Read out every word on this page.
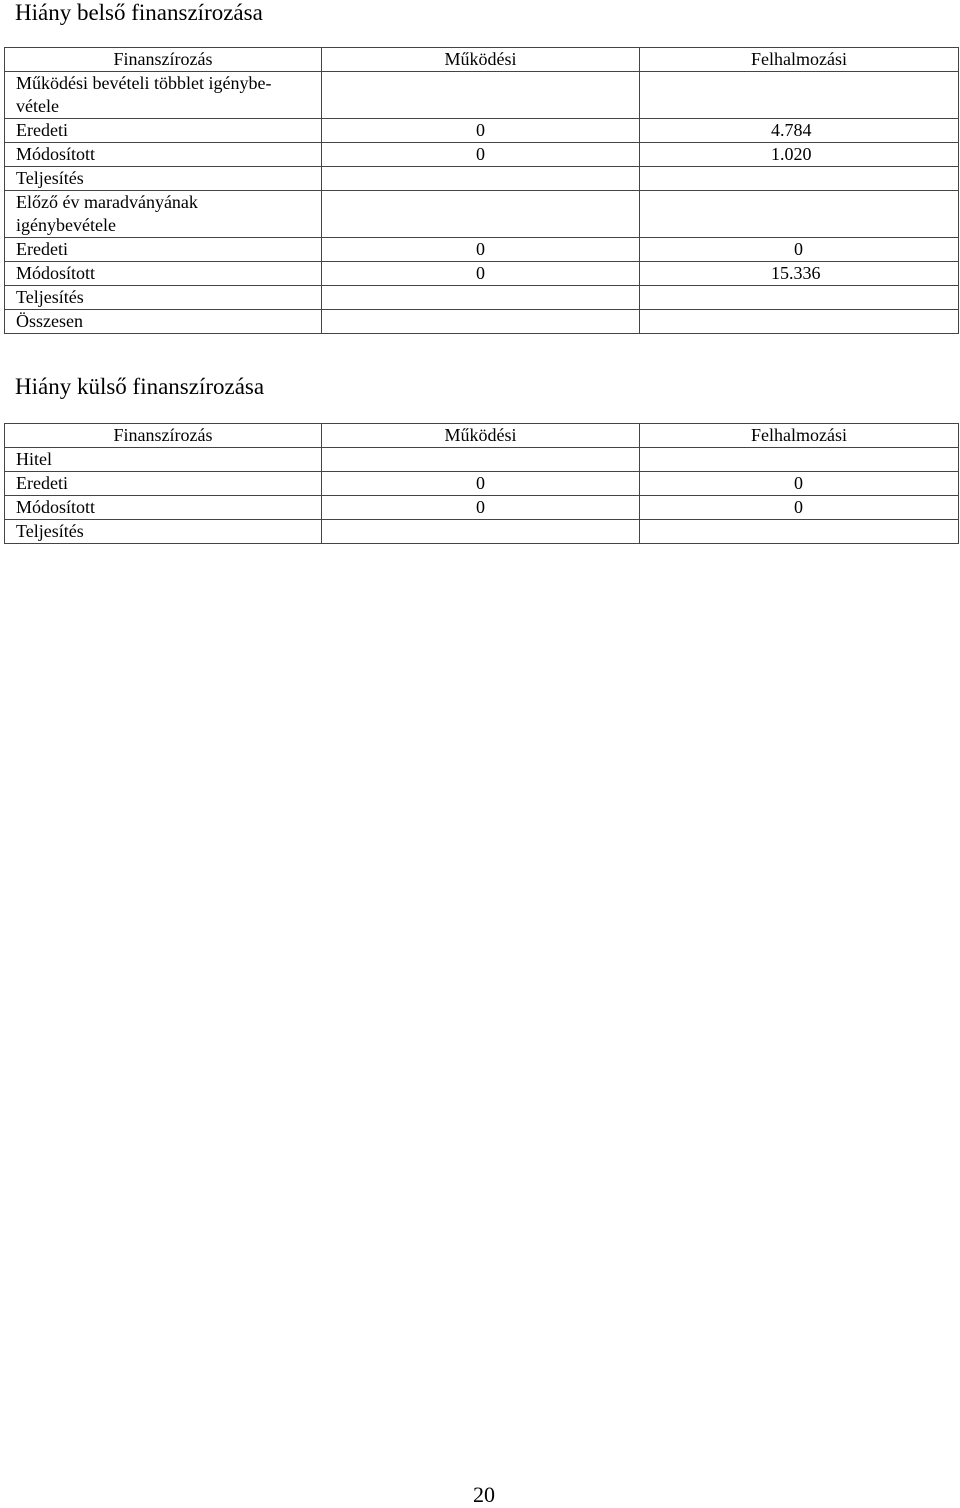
Hiány belső finanszírozása
Finanszírozás	Működési	Felhalmozási
Működési bevételi többlet igénybe-
vétele		
Eredeti	0	4.784
Módosított	0	1.020
Teljesítés		
Előző év maradványának
igénybevétele		
Eredeti	0	0
Módosított	0	15.336
Teljesítés		
Összesen		
Hiány külső finanszírozása
Finanszírozás	Működési	Felhalmozási
Hitel		
Eredeti	0	0
Módosított	0	0
Teljesítés		
20
